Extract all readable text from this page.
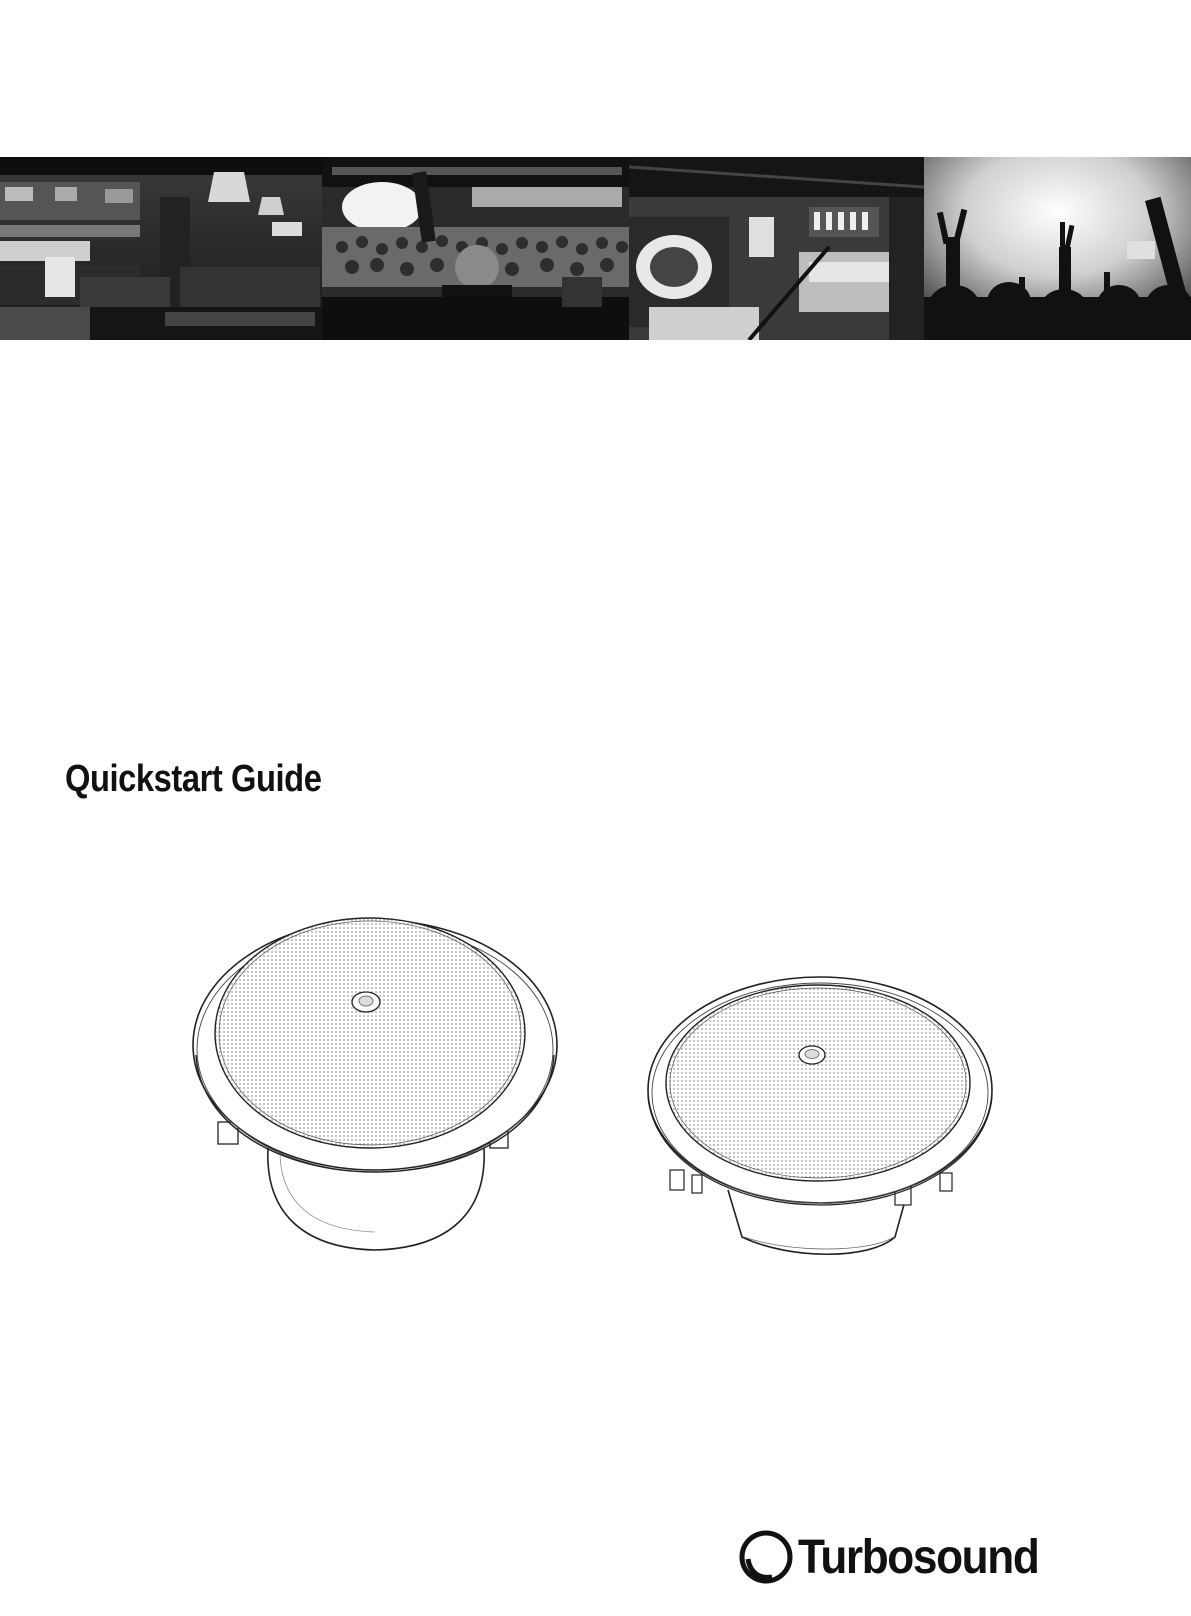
Quickstart Guide
Turbosound
